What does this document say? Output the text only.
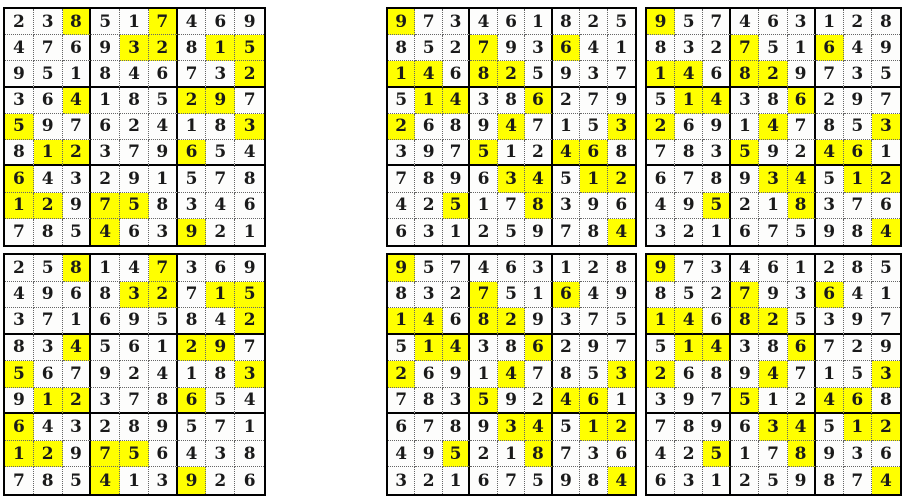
2 3 8	5 1 7	4 6	9
4 7 6	9 3 2	8 1	5
9 5 1	8 4 6	7 3	2
3 6 4	1 8 5	2 9	7
5 9 7	6 2 4	1 8	3
8 1 2	3 7 9	6 5	4
6 4 3	2 9 1	5 7	8
1 2 9	7 5 8	3 4	6
7 8 5	4 6 3	9 2	1
9 7 3 4 6 1 8 2 5
8 5 2 7 9 3 6 4 1
1 4 6 8 2 5 9 3 7
5 1 4 3 8 6 2 7 9
2 6 8 9 4 7 1 5 3
3 9 7 5 1 2 4 6 8
7 8 9 6 3 4 5 1 2
4 2 5 1 7 8 3 9 6
6 3 1 2 5 9 7 8 4
9 5 7 4 6 3 1 2 8
8 3 2 7 5 1 6 4 9
1 4 6 8 2 9 7 3 5
5 1 4 3 8 6 2 9 7
2 6 9 1 4 7 8 5 3
7 8 3 5 9 2 4 6 1
6 7 8 9 3 4 5 1 2
4 9 5 2 1 8 3 7 6
3 2 1 6 7 5 9 8 4
2 5 8	1 4 7	3 6	9
4 9 6	8 3 2	7 1	5
3 7 1	6 9 5	8 4	2
8 3 4	5 6 1	2 9	7
5 6 7	9 2 4	1 8	3
9 1 2	3 7 8	6 5	4
6 4 3	2 8 9	5 7	1
1 2 9	7 5 6	4 3	8
7 8 5	4 1 3	9 2	6
9 5 7 4 6 3 1 2 8
8 3 2 7 5 1 6 4 9
1 4 6 8 2 9 3 7 5
5 1 4 3 8 6 2 9 7
2 6 9 1 4 7 8 5 3
7 8 3 5 9 2 4 6 1
6 7 8 9 3 4 5 1 2
4 9 5 2 1 8 7 3 6
3 2 1 6 7 5 9 8 4
9 7 3 4 6 1 2 8 5
8 5 2 7 9 3 6 4 1
1 4 6 8 2 5 3 9 7
5 1 4 3 8 6 7 2 9
2 6 8 9 4 7 1 5 3
3 9 7 5 1 2 4 6 8
7 8 9 6 3 4 5 1 2
4 2 5 1 7 8 9 3 6
6 3 1 2 5 9 8 7 4
